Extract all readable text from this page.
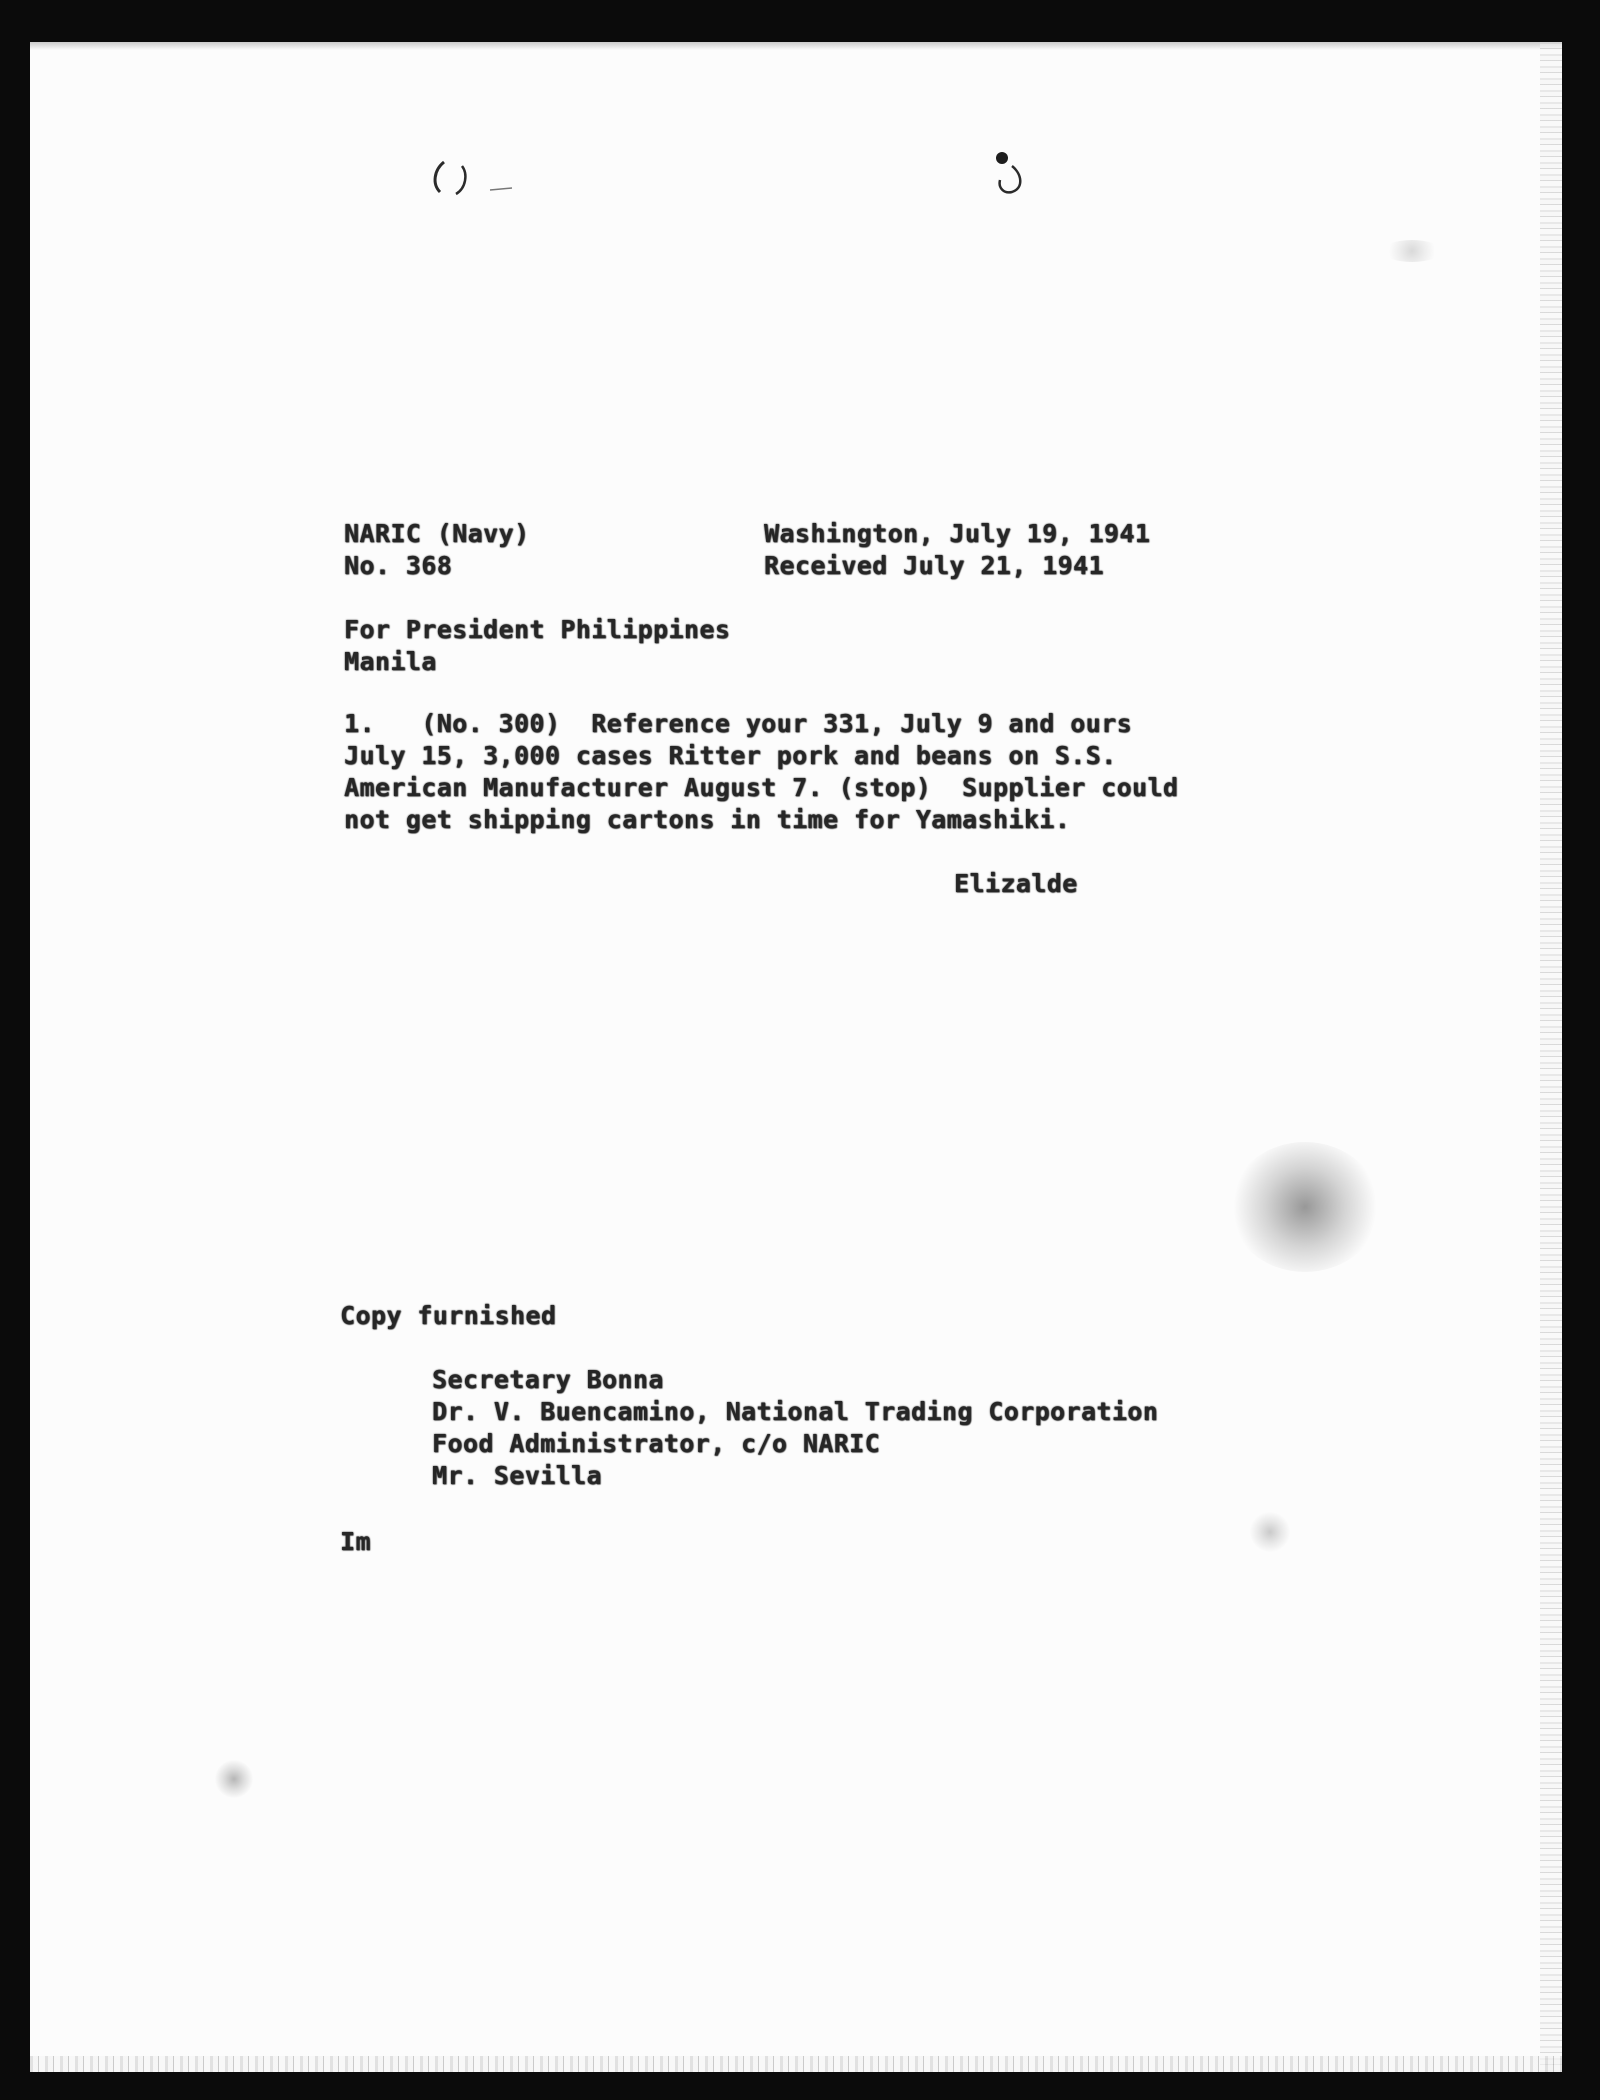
NARIC (Navy)
No. 368
Washington, July 19, 1941
Received July 21, 1941
For President Philippines
Manila
1.   (No. 300)  Reference your 331, July 9 and ours
July 15, 3,000 cases Ritter pork and beans on S.S.
American Manufacturer August 7. (stop)  Supplier could
not get shipping cartons in time for Yamashiki.
Elizalde
Copy furnished
Secretary Bonna
Dr. V. Buencamino, National Trading Corporation
Food Administrator, c/o NARIC
Mr. Sevilla
Im
